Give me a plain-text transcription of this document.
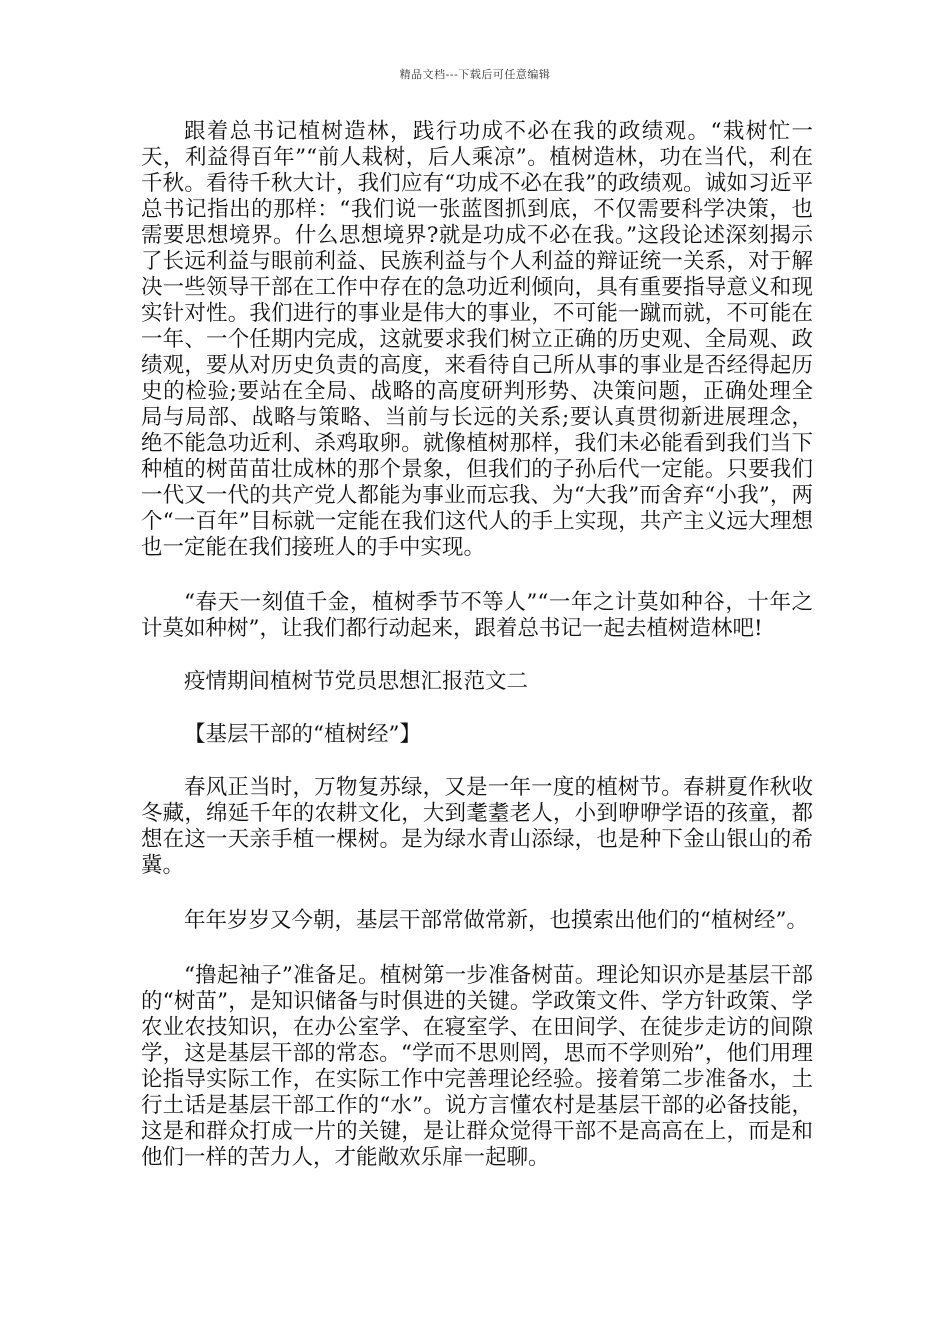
精品文档---下载后可任意编辑

跟着总书记植树造林，践行功成不必在我的政绩观。“栽树忙一天，利益得百年”“前人栽树，后人乘凉”。植树造林，功在当代，利在千秋。看待千秋大计，我们应有“功成不必在我”的政绩观。诚如习近平总书记指出的那样：“我们说一张蓝图抓到底，不仅需要科学决策，也需要思想境界。什么思想境界?就是功成不必在我。”这段论述深刻揭示了长远利益与眼前利益、民族利益与个人利益的辩证统一关系，对于解决一些领导干部在工作中存在的急功近利倾向，具有重要指导意义和现实针对性。我们进行的事业是伟大的事业，不可能一蹴而就，不可能在一年、一个任期内完成，这就要求我们树立正确的历史观、全局观、政绩观，要从对历史负责的高度，来看待自己所从事的事业是否经得起历史的检验;要站在全局、战略的高度研判形势、决策问题，正确处理全局与局部、战略与策略、当前与长远的关系;要认真贯彻新进展理念，绝不能急功近利、杀鸡取卵。就像植树那样，我们未必能看到我们当下种植的树苗苗壮成林的那个景象，但我们的子孙后代一定能。只要我们一代又一代的共产党人都能为事业而忘我、为“大我”而舍弃“小我”，两个“一百年”目标就一定能在我们这代人的手上实现，共产主义远大理想也一定能在我们接班人的手中实现。

“春天一刻值千金，植树季节不等人”“一年之计莫如种谷，十年之计莫如种树”，让我们都行动起来，跟着总书记一起去植树造林吧!

疫情期间植树节党员思想汇报范文二

【基层干部的“植树经”】

春风正当时，万物复苏绿，又是一年一度的植树节。春耕夏作秋收冬藏，绵延千年的农耕文化，大到耄耋老人，小到咿咿学语的孩童，都想在这一天亲手植一棵树。是为绿水青山添绿，也是种下金山银山的希冀。

年年岁岁又今朝，基层干部常做常新，也摸索出他们的“植树经”。

“撸起袖子”准备足。植树第一步准备树苗。理论知识亦是基层干部的“树苗”，是知识储备与时俱进的关键。学政策文件、学方针政策、学农业农技知识，在办公室学、在寝室学、在田间学、在徒步走访的间隙学，这是基层干部的常态。“学而不思则罔，思而不学则殆”，他们用理论指导实际工作，在实际工作中完善理论经验。接着第二步准备水，土行土话是基层干部工作的“水”。说方言懂农村是基层干部的必备技能，这是和群众打成一片的关键，是让群众觉得干部不是高高在上，而是和他们一样的苦力人，才能敞欢乐扉一起聊。
